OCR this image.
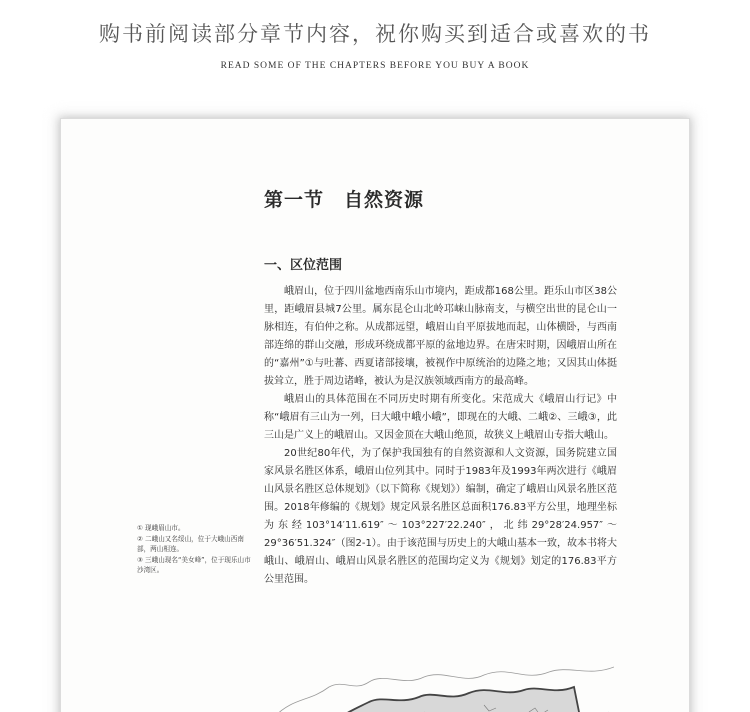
购书前阅读部分章节内容，祝你购买到适合或喜欢的书
READ SOME OF THE CHAPTERS BEFORE YOU BUY A BOOK
第一节　自然资源
一、区位范围

峨眉山，位于四川盆地西南乐山市境内，距成都168公里。距乐山市区38公里，距峨眉县城7公里。属东昆仑山北岭邛崃山脉南支，与横空出世的昆仑山一脉相连，有伯仲之称。从成都远望，峨眉山自平原拔地而起，山体横卧，与西南部连绵的群山交融，形成环绕成都平原的盆地边界。在唐宋时期，因峨眉山所在的“嘉州”①与吐蕃、西夏诸部接壤，被视作中原统治的边隆之地；又因其山体挺拔耸立，胜于周边诸峰，被认为是汉族领域西南方的最高峰。

峨眉山的具体范围在不同历史时期有所变化。宋范成大《峨眉山行记》中称“峨眉有三山为一列，曰大峨中峨小峨”，即现在的大峨、二峨②、三峨③，此三山是广义上的峨眉山。又因金顶在大峨山绝顶，故狭义上峨眉山专指大峨山。

20世纪80年代，为了保护我国独有的自然资源和人文资源，国务院建立国家风景名胜区体系，峨眉山位列其中。同时于1983年及1993年两次进行《峨眉山风景名胜区总体规划》（以下简称《规划》）编制，确定了峨眉山风景名胜区范围。2018年修编的《规划》规定风景名胜区总面积176.83平方公里，地理坐标为东经103°14′11.619″～103°227′22.240″，北纬29°28′24.957″～29°36′51.324″（图2-1）。由于该范围与历史上的大峨山基本一致，故本书将大峨山、峨眉山、峨眉山风景名胜区的范围均定义为《规划》划定的176.83平方公里范围。

① 现峨眉山市。
② 二峨山又名绥山，位于大峨山西南部，两山相连。
③ 三峨山现名“美女峰”，位于现乐山市沙湾区。
